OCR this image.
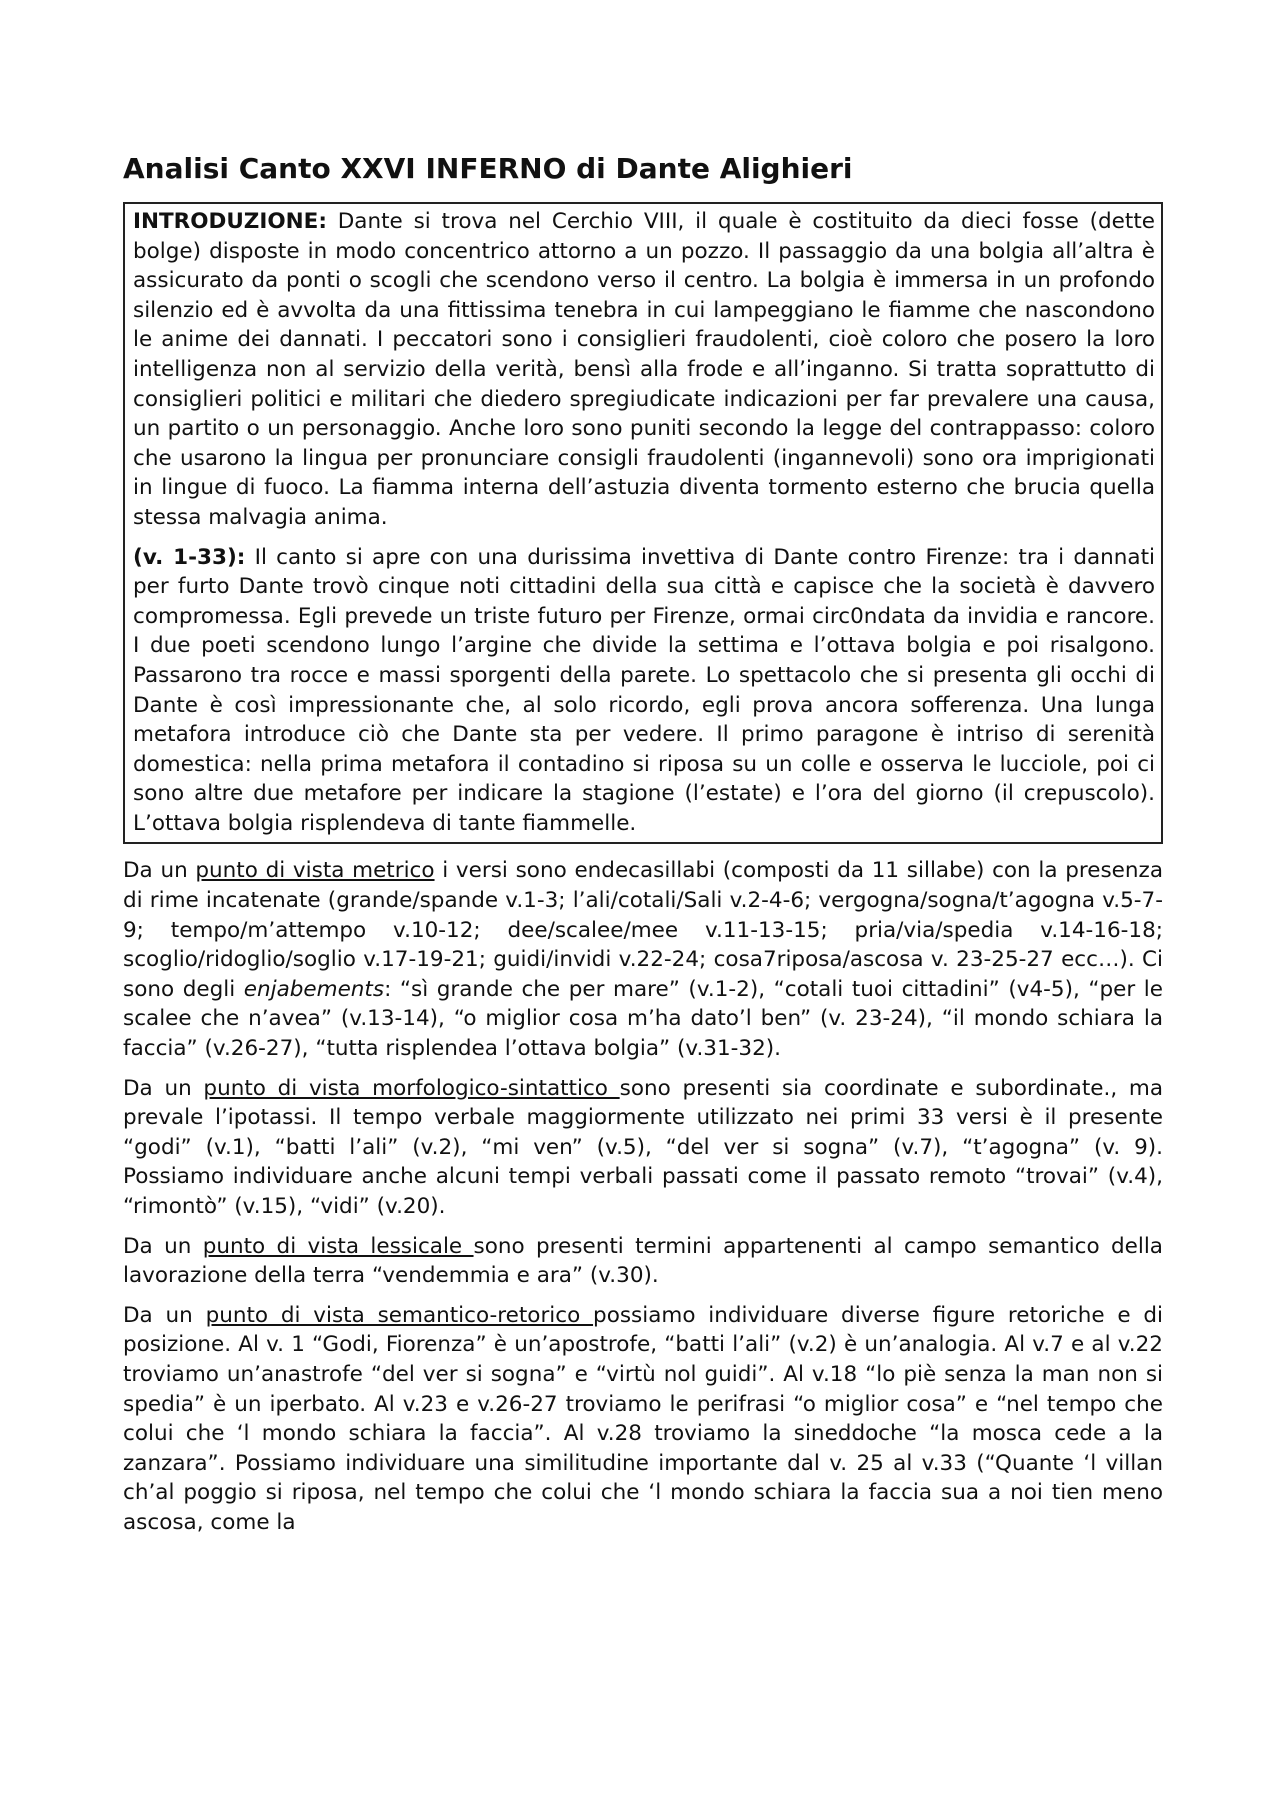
Analisi Canto XXVI INFERNO di Dante Alighieri

INTRODUZIONE: Dante si trova nel Cerchio VIII, il quale è costituito da dieci fosse (dette bolge) disposte in modo concentrico attorno a un pozzo. Il passaggio da una bolgia all’altra è assicurato da ponti o scogli che scendono verso il centro. La bolgia è immersa in un profondo silenzio ed è avvolta da una fittissima tenebra in cui lampeggiano le fiamme che nascondono le anime dei dannati. I peccatori sono i consiglieri fraudolenti, cioè coloro che posero la loro intelligenza non al servizio della verità, bensì alla frode e all’inganno. Si tratta soprattutto di consiglieri politici e militari che diedero spregiudicate indicazioni per far prevalere una causa, un partito o un personaggio. Anche loro sono puniti secondo la legge del contrappasso: coloro che usarono la lingua per pronunciare consigli fraudolenti (ingannevoli) sono ora imprigionati in lingue di fuoco. La fiamma interna dell’astuzia diventa tormento esterno che brucia quella stessa malvagia anima.

(v. 1-33): Il canto si apre con una durissima invettiva di Dante contro Firenze: tra i dannati per furto Dante trovò cinque noti cittadini della sua città e capisce che la società è davvero compromessa. Egli prevede un triste futuro per Firenze, ormai circ0ndata da invidia e rancore. I due poeti scendono lungo l’argine che divide la settima e l’ottava bolgia e poi risalgono. Passarono tra rocce e massi sporgenti della parete. Lo spettacolo che si presenta gli occhi di Dante è così impressionante che, al solo ricordo, egli prova ancora sofferenza. Una lunga metafora introduce ciò che Dante sta per vedere. Il primo paragone è intriso di serenità domestica: nella prima metafora il contadino si riposa su un colle e osserva le lucciole, poi ci sono altre due metafore per indicare la stagione (l’estate) e l’ora del giorno (il crepuscolo). L’ottava bolgia risplendeva di tante fiammelle.

Da un punto di vista metrico i versi sono endecasillabi (composti da 11 sillabe) con la presenza di rime incatenate (grande/spande v.1-3; l’ali/cotali/Sali v.2-4-6; vergogna/sogna/t’agogna v.5-7-9; tempo/m’attempo v.10-12; dee/scalee/mee v.11-13-15; pria/via/spedia v.14-16-18; scoglio/ridoglio/soglio v.17-19-21; guidi/invidi v.22-24; cosa7riposa/ascosa v. 23-25-27 ecc…). Ci sono degli enjabements: “sì grande che per mare” (v.1-2), “cotali tuoi cittadini” (v4-5), “per le scalee che n’avea” (v.13-14), “o miglior cosa m’ha dato’l ben” (v. 23-24), “il mondo schiara la faccia” (v.26-27), “tutta risplendea l’ottava bolgia” (v.31-32).

Da un punto di vista morfologico-sintattico sono presenti sia coordinate e subordinate., ma prevale l’ipotassi. Il tempo verbale maggiormente utilizzato nei primi 33 versi è il presente “godi” (v.1), “batti l’ali” (v.2), “mi ven” (v.5), “del ver si sogna” (v.7), “t’agogna” (v. 9). Possiamo individuare anche alcuni tempi verbali passati come il passato remoto “trovai” (v.4), “rimontò” (v.15), “vidi” (v.20).

Da un punto di vista lessicale sono presenti termini appartenenti al campo semantico della lavorazione della terra “vendemmia e ara” (v.30).

Da un punto di vista semantico-retorico possiamo individuare diverse figure retoriche e di posizione. Al v. 1 “Godi, Fiorenza” è un’apostrofe, “batti l’ali” (v.2) è un’analogia. Al v.7 e al v.22 troviamo un’anastrofe “del ver si sogna” e “virtù nol guidi”. Al v.18 “lo piè senza la man non si spedia” è un iperbato. Al v.23 e v.26-27 troviamo le perifrasi “o miglior cosa” e “nel tempo che colui che ‘l mondo schiara la faccia”. Al v.28 troviamo la sineddoche “la mosca cede a la zanzara”. Possiamo individuare una similitudine importante dal v. 25 al v.33 (“Quante ‘l villan ch’al poggio si riposa, nel tempo che colui che ‘l mondo schiara la faccia sua a noi tien meno ascosa, come la
